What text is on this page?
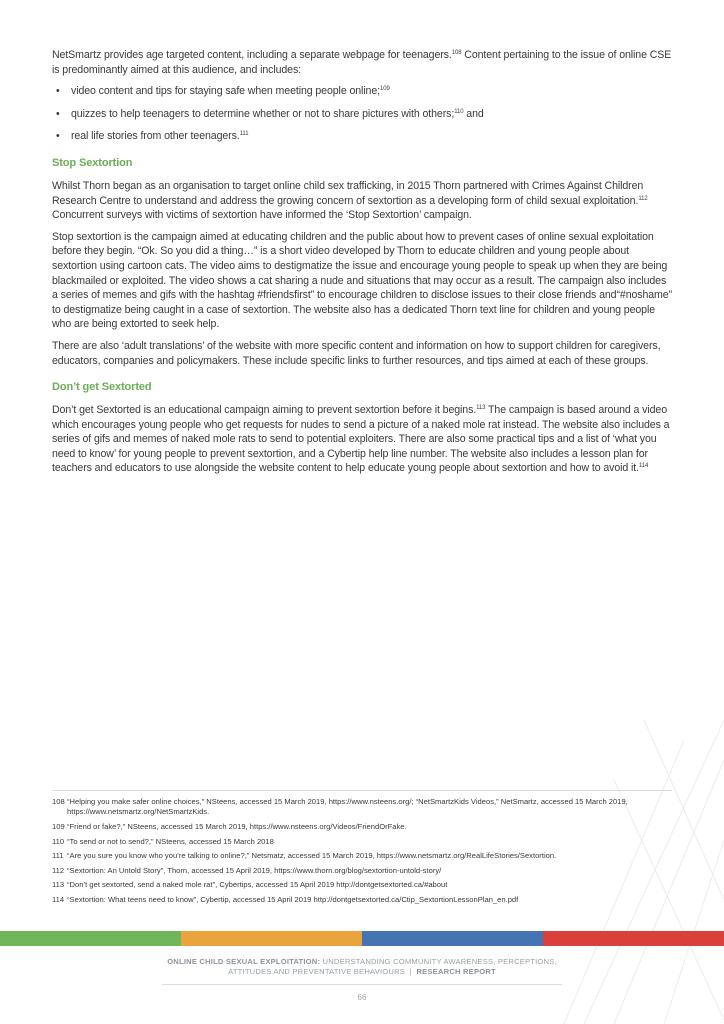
NetSmartz provides age targeted content, including a separate webpage for teenagers.$^{108}$ Content pertaining to the issue of online CSE is predominantly aimed at this audience, and includes:

• video content and tips for staying safe when meeting people online;$^{109}$
• quizzes to help teenagers to determine whether or not to share pictures with others;$^{110}$ and
• real life stories from other teenagers.$^{111}$
Stop Sextortion

Whilst Thorn began as an organisation to target online child sex trafficking, in 2015 Thorn partnered with Crimes Against Children Research Centre to understand and address the growing concern of sextortion as a developing form of child sexual exploitation.$^{112}$ Concurrent surveys with victims of sextortion have informed the ‘Stop Sextortion’ campaign.

Stop sextortion is the campaign aimed at educating children and the public about how to prevent cases of online sexual exploitation before they begin. “Ok. So you did a thing…” is a short video developed by Thorn to educate children and young people about sextortion using cartoon cats. The video aims to destigmatize the issue and encourage young people to speak up when they are being blackmailed or exploited. The video shows a cat sharing a nude and situations that may occur as a result. The campaign also includes a series of memes and gifs with the hashtag #friendsfirst” to encourage children to disclose issues to their close friends and“#noshame” to destigmatize being caught in a case of sextortion. The website also has a dedicated Thorn text line for children and young people who are being extorted to seek help.

There are also ‘adult translations’ of the website with more specific content and information on how to support children for caregivers, educators, companies and policymakers. These include specific links to further resources, and tips aimed at each of these groups.

Don’t get Sextorted

Don’t get Sextorted is an educational campaign aiming to prevent sextortion before it begins.$^{113}$ The campaign is based around a video which encourages young people who get requests for nudes to send a picture of a naked mole rat instead. The website also includes a series of gifs and memes of naked mole rats to send to potential exploiters. There are also some practical tips and a list of ‘what you need to know’ for young people to prevent sextortion, and a Cybertip help line number. The website also includes a lesson plan for teachers and educators to use alongside the website content to help educate young people about sextortion and how to avoid it.$^{114}$

108 “Helping you make safer online choices,” NSteens, accessed 15 March 2019, https://www.nsteens.org/; “NetSmartzKids Videos,” NetSmartz, accessed 15 March 2019, https://www.netsmartz.org/NetSmartzKids.
109 “Friend or fake?,” NSteens, accessed 15 March 2019, https://www.nsteens.org/Videos/FriendOrFake.
110 “To send or not to send?,” NSteens, accessed 15 March 2018
111 “Are you sure you know who you’re talking to online?,” Netsmatz, accessed 15 March 2019, https://www.netsmartz.org/RealLifeStories/Sextortion.
112 “Sextortion: An Untold Story”, Thorn, accessed 15 April 2019, https://www.thorn.org/blog/sextortion-untold-story/
113 “Don’t get sextorted, send a naked mole rat”, Cybertips, accessed 15 April 2019 http://dontgetsextorted.ca/#about
114 “Sextortion: What teens need to know”, Cybertip, accessed 15 April 2019 http://dontgetsextorted.ca/Ctip_SextortionLessonPlan_en.pdf
ONLINE CHILD SEXUAL EXPLOITATION: UNDERSTANDING COMMUNITY AWARENESS, PERCEPTIONS,
ATTITUDES AND PREVENTATIVE BEHAVIOURS | RESEARCH REPORT
66
